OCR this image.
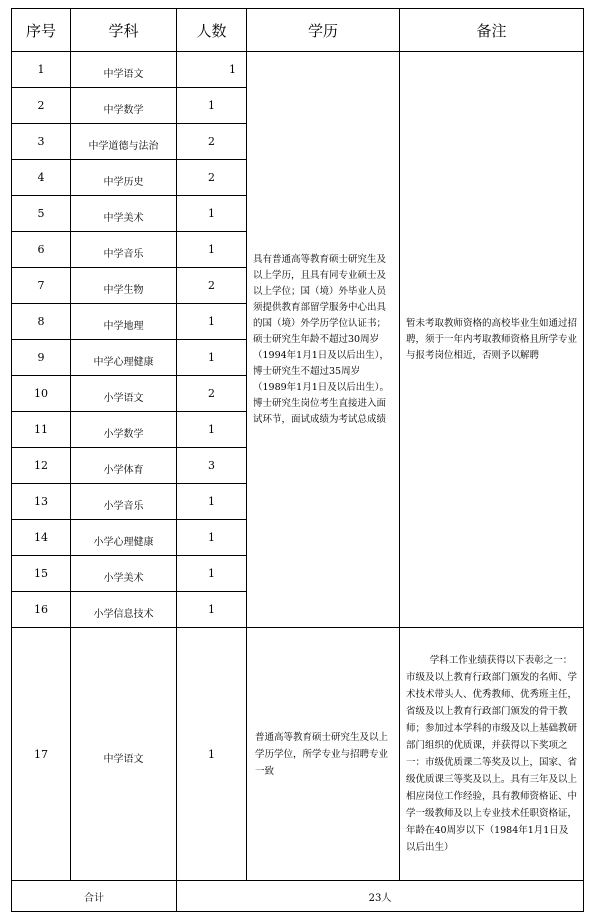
序号	学科	人数	学历	备注
1	中学语文	1	具有普通高等教育硕士研究生及以上学历，且具有同专业硕士及以上学位；国（境）外毕业人员须提供教育部留学服务中心出具的国（境）外学历学位认证书；硕士研究生年龄不超过30周岁（1994年1月1日及以后出生），博士研究生不超过35周岁（1989年1月1日及以后出生）。博士研究生岗位考生直接进入面试环节，面试成绩为考试总成绩	暂未考取教师资格的高校毕业生如通过招聘，须于一年内考取教师资格且所学专业与报考岗位相近，否则予以解聘
2	中学数学	1		
3	中学道德与法治	2		
4	中学历史	2		
5	中学美术	1		
6	中学音乐	1		
7	中学生物	2		
8	中学地理	1		
9	中学心理健康	1		
10	小学语文	2		
11	小学数学	1		
12	小学体育	3		
13	小学音乐	1		
14	小学心理健康	1		
15	小学美术	1		
16	小学信息技术	1		
17	中学语文	1	普通高等教育硕士研究生及以上学历学位，所学专业与招聘专业一致	学科工作业绩获得以下表彰之一：市级及以上教育行政部门颁发的名师、学术技术带头人、优秀教师、优秀班主任，省级及以上教育行政部门颁发的骨干教师；参加过本学科的市级及以上基础教研部门组织的优质课，并获得以下奖项之一：市级优质课二等奖及以上，国家、省级优质课三等奖及以上。具有三年及以上相应岗位工作经验，具有教师资格证、中学一级教师及以上专业技术任职资格证，年龄在40周岁以下（1984年1月1日及以后出生）

合计		23人		
